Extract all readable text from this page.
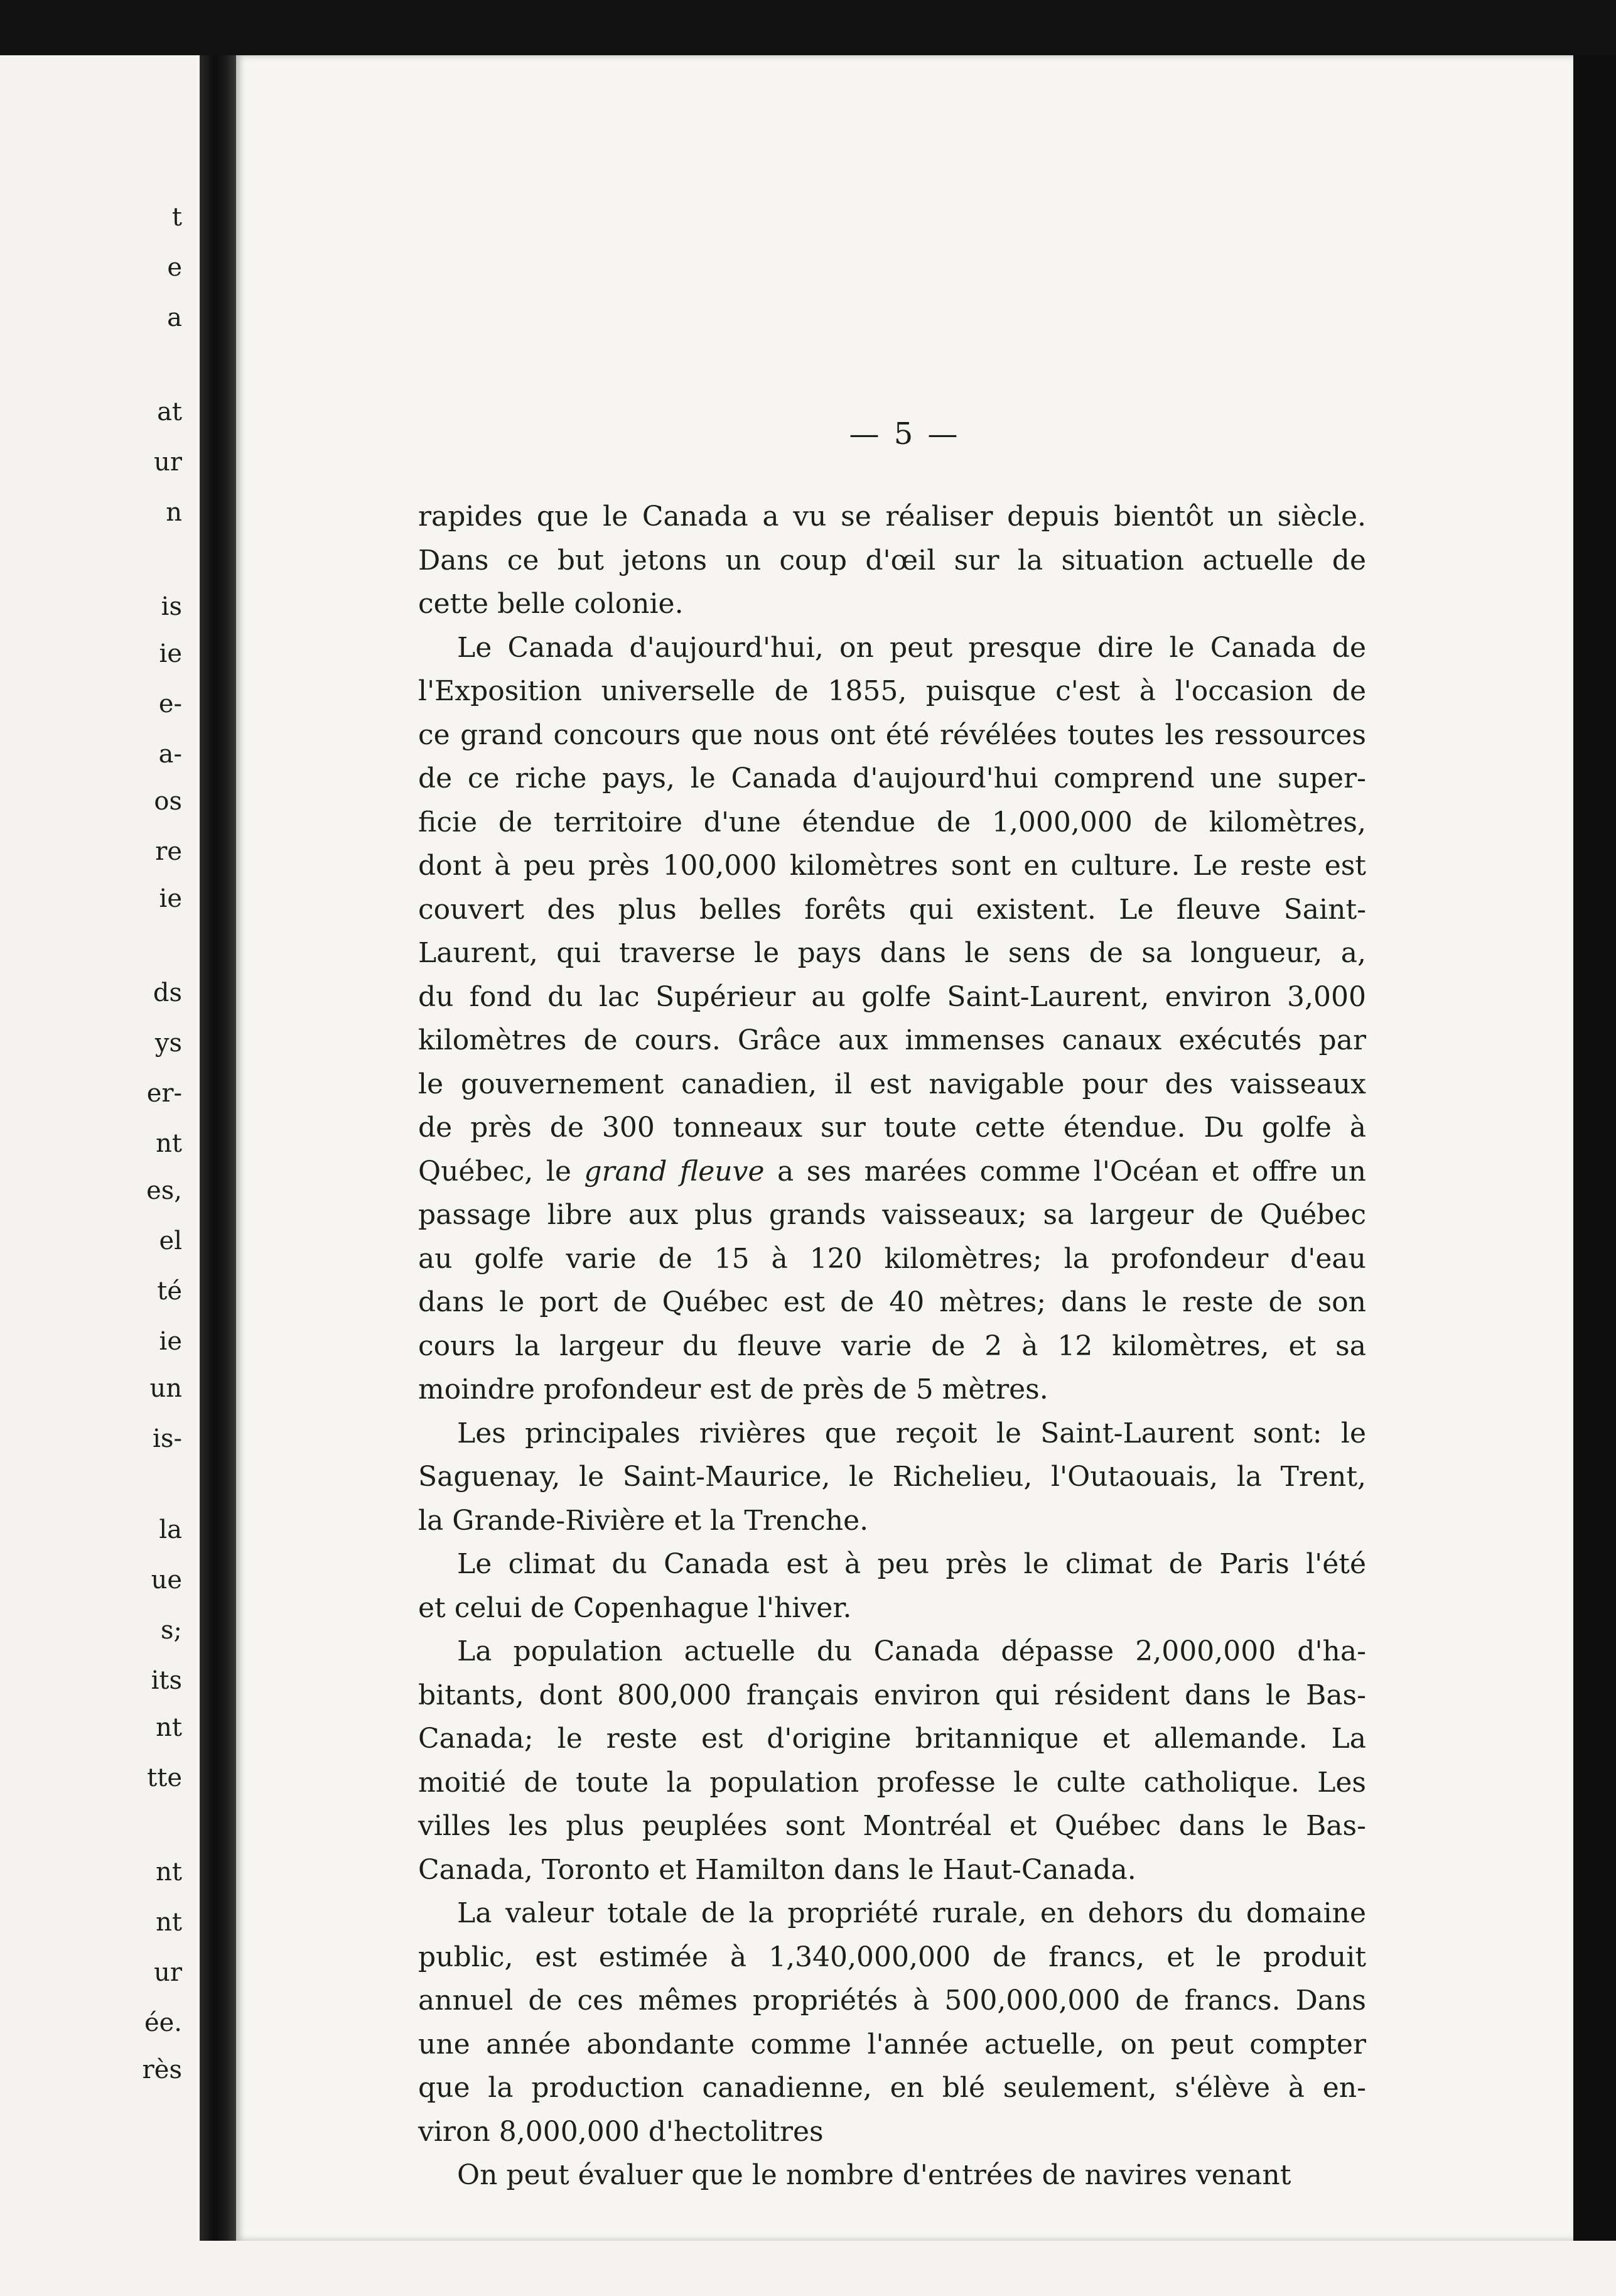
t
e
a
at
ur
n
is
ie
e-
a-
os
re
ie
ds
ys
er-
nt
es,
el
té
ie
un
is-
la
ue
s;
its
nt
tte
nt
nt
ur
ée.
rès
— 5 —
rapides que le Canada a vu se réaliser depuis bientôt un siècle.
Dans ce but jetons un coup d'œil sur la situation actuelle de
cette belle colonie.
Le Canada d'aujourd'hui, on peut presque dire le Canada de
l'Exposition universelle de 1855, puisque c'est à l'occasion de
ce grand concours que nous ont été révélées toutes les ressources
de ce riche pays, le Canada d'aujourd'hui comprend une super-
ficie de territoire d'une étendue de 1,000,000 de kilomètres,
dont à peu près 100,000 kilomètres sont en culture. Le reste est
couvert des plus belles forêts qui existent. Le fleuve Saint-
Laurent, qui traverse le pays dans le sens de sa longueur, a,
du fond du lac Supérieur au golfe Saint-Laurent, environ 3,000
kilomètres de cours. Grâce aux immenses canaux exécutés par
le gouvernement canadien, il est navigable pour des vaisseaux
de près de 300 tonneaux sur toute cette étendue. Du golfe à
Québec, le grand fleuve a ses marées comme l'Océan et offre un
passage libre aux plus grands vaisseaux; sa largeur de Québec
au golfe varie de 15 à 120 kilomètres; la profondeur d'eau
dans le port de Québec est de 40 mètres; dans le reste de son
cours la largeur du fleuve varie de 2 à 12 kilomètres, et sa
moindre profondeur est de près de 5 mètres.
Les principales rivières que reçoit le Saint-Laurent sont: le
Saguenay, le Saint-Maurice, le Richelieu, l'Outaouais, la Trent,
la Grande-Rivière et la Trenche.
Le climat du Canada est à peu près le climat de Paris l'été
et celui de Copenhague l'hiver.
La population actuelle du Canada dépasse 2,000,000 d'ha-
bitants, dont 800,000 français environ qui résident dans le Bas-
Canada; le reste est d'origine britannique et allemande. La
moitié de toute la population professe le culte catholique. Les
villes les plus peuplées sont Montréal et Québec dans le Bas-
Canada, Toronto et Hamilton dans le Haut-Canada.
La valeur totale de la propriété rurale, en dehors du domaine
public, est estimée à 1,340,000,000 de francs, et le produit
annuel de ces mêmes propriétés à 500,000,000 de francs. Dans
une année abondante comme l'année actuelle, on peut compter
que la production canadienne, en blé seulement, s'élève à en-
viron 8,000,000 d'hectolitres
On peut évaluer que le nombre d'entrées de navires venant
